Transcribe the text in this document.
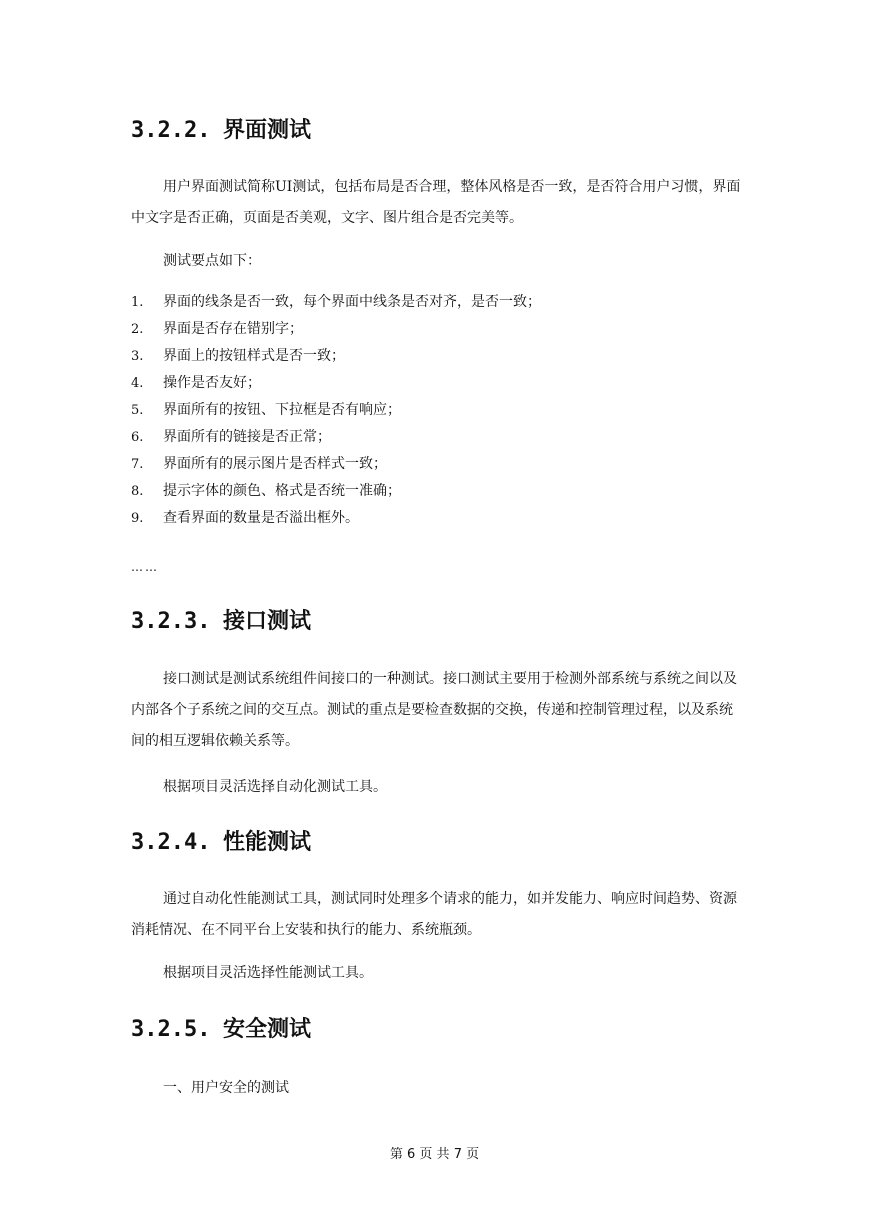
3.2.2. 界面测试

用户界面测试简称UI测试，包括布局是否合理，整体风格是否一致，是否符合用户习惯，界面中文字是否正确，页面是否美观，文字、图片组合是否完美等。

测试要点如下：

1. 界面的线条是否一致，每个界面中线条是否对齐，是否一致；
2. 界面是否存在错别字；
3. 界面上的按钮样式是否一致；
4. 操作是否友好；
5. 界面所有的按钮、下拉框是否有响应；
6. 界面所有的链接是否正常；
7. 界面所有的展示图片是否样式一致；
8. 提示字体的颜色、格式是否统一准确；
9. 查看界面的数量是否溢出框外。
……
3.2.3. 接口测试

接口测试是测试系统组件间接口的一种测试。接口测试主要用于检测外部系统与系统之间以及内部各个子系统之间的交互点。测试的重点是要检查数据的交换，传递和控制管理过程，以及系统间的相互逻辑依赖关系等。

根据项目灵活选择自动化测试工具。

3.2.4. 性能测试

通过自动化性能测试工具，测试同时处理多个请求的能力，如并发能力、响应时间趋势、资源消耗情况、在不同平台上安装和执行的能力、系统瓶颈。

根据项目灵活选择性能测试工具。

3.2.5. 安全测试

一、用户安全的测试

第 6 页 共 7 页
